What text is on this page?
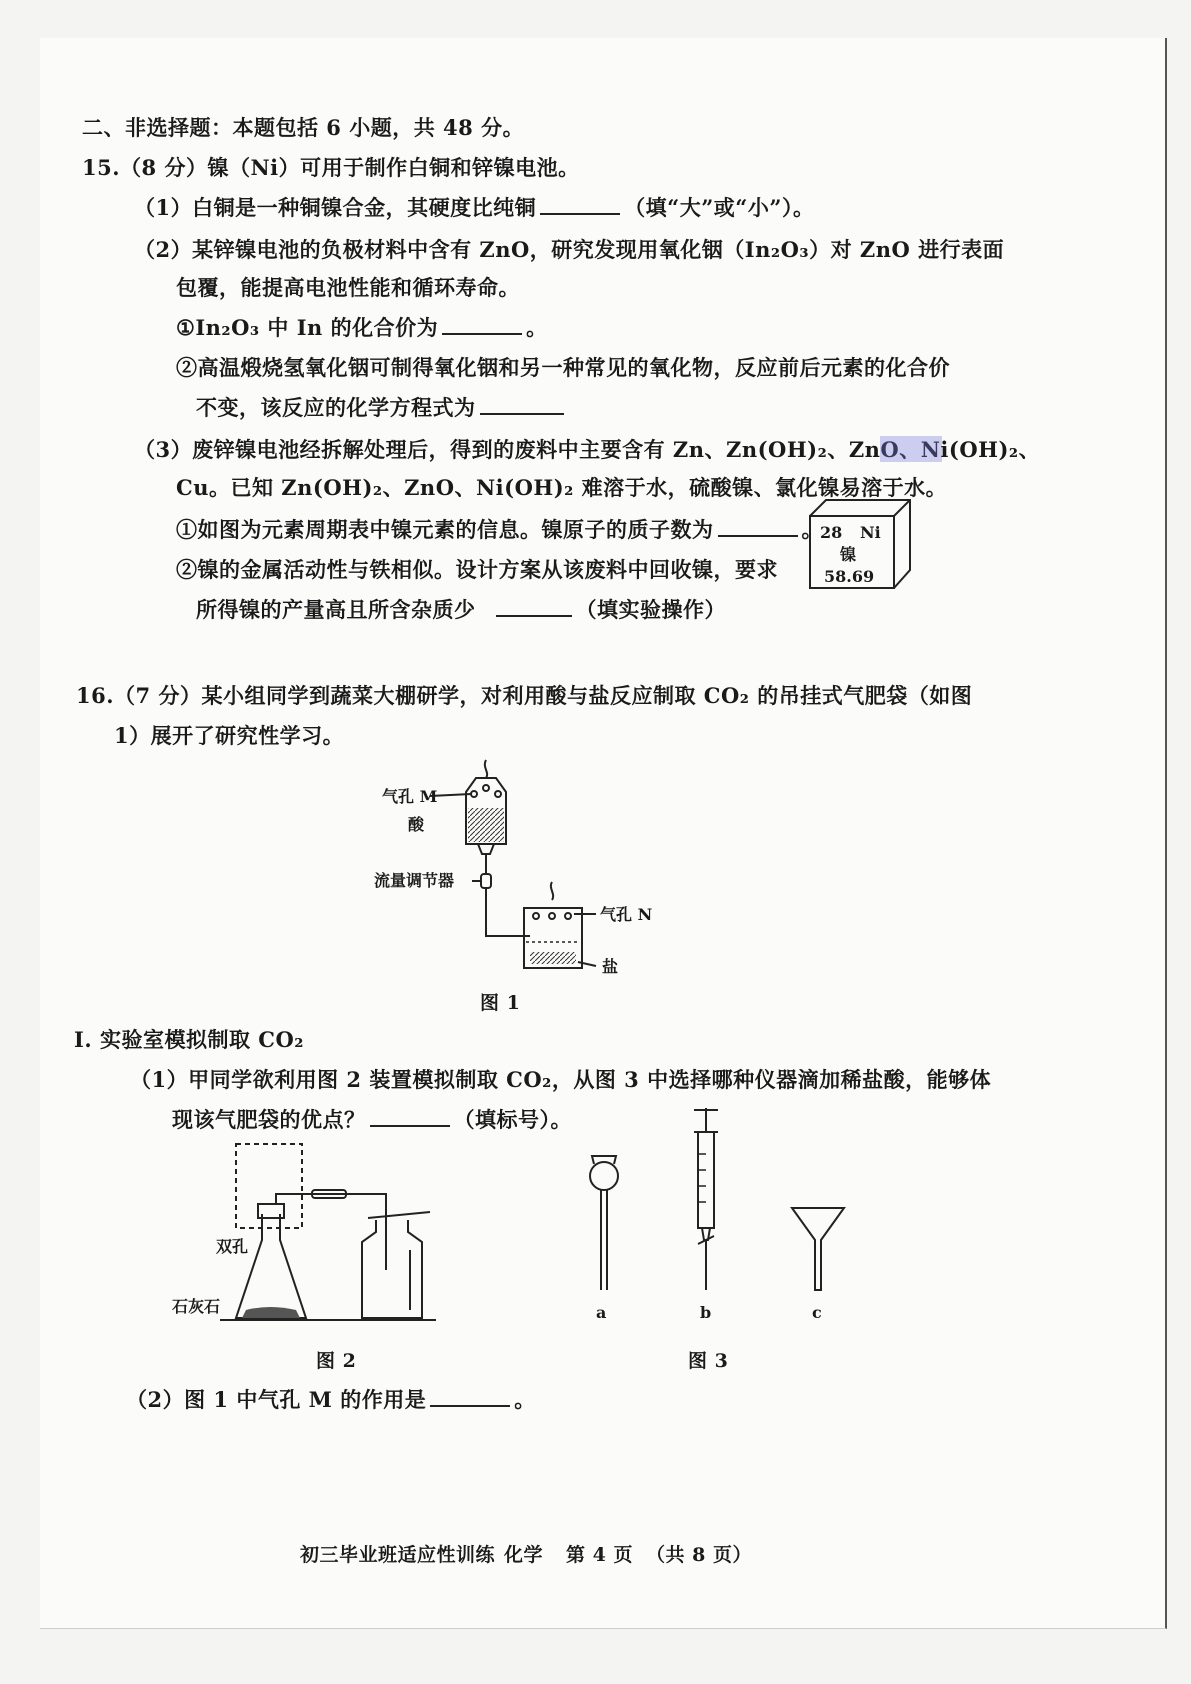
二、非选择题：本题包括 6 小题，共 48 分。
15.（8 分）镍（Ni）可用于制作白铜和锌镍电池。
（1）白铜是一种铜镍合金，其硬度比纯铜	（填“大”或“小”）。
（2）某锌镍电池的负极材料中含有 ZnO，研究发现用氧化铟（In₂O₃）对 ZnO 进行表面
包覆，能提高电池性能和循环寿命。
①In₂O₃ 中 In 的化合价为	。
②高温煅烧氢氧化铟可制得氧化铟和另一种常见的氧化物，反应前后元素的化合价
不变，该反应的化学方程式为
（3）废锌镍电池经拆解处理后，得到的废料中主要含有 Zn、Zn(OH)₂、ZnO、Ni(OH)₂、
Cu。已知 Zn(OH)₂、ZnO、Ni(OH)₂ 难溶于水，硫酸镍、氯化镍易溶于水。
①如图为元素周期表中镍元素的信息。镍原子的质子数为	。
②镍的金属活动性与铁相似。设计方案从该废料中回收镍，要求
所得镍的产量高且所含杂质少	（填实验操作）
28 Ni
镍
58.69
16.（7 分）某小组同学到蔬菜大棚研学，对利用酸与盐反应制取 CO₂ 的吊挂式气肥袋（如图
1）展开了研究性学习。
气孔 M
酸
流量调节器
气孔 N
盐
图 1
I. 实验室模拟制取 CO₂
（1）甲同学欲利用图 2 装置模拟制取 CO₂，从图 3 中选择哪种仪器滴加稀盐酸，能够体
现该气肥袋的优点？	（填标号）。
双孔
石灰石
图 2
a	b	c
图 3
（2）图 1 中气孔 M 的作用是	。
初三毕业班适应性训练 化学 第 4 页 （共 8 页）
